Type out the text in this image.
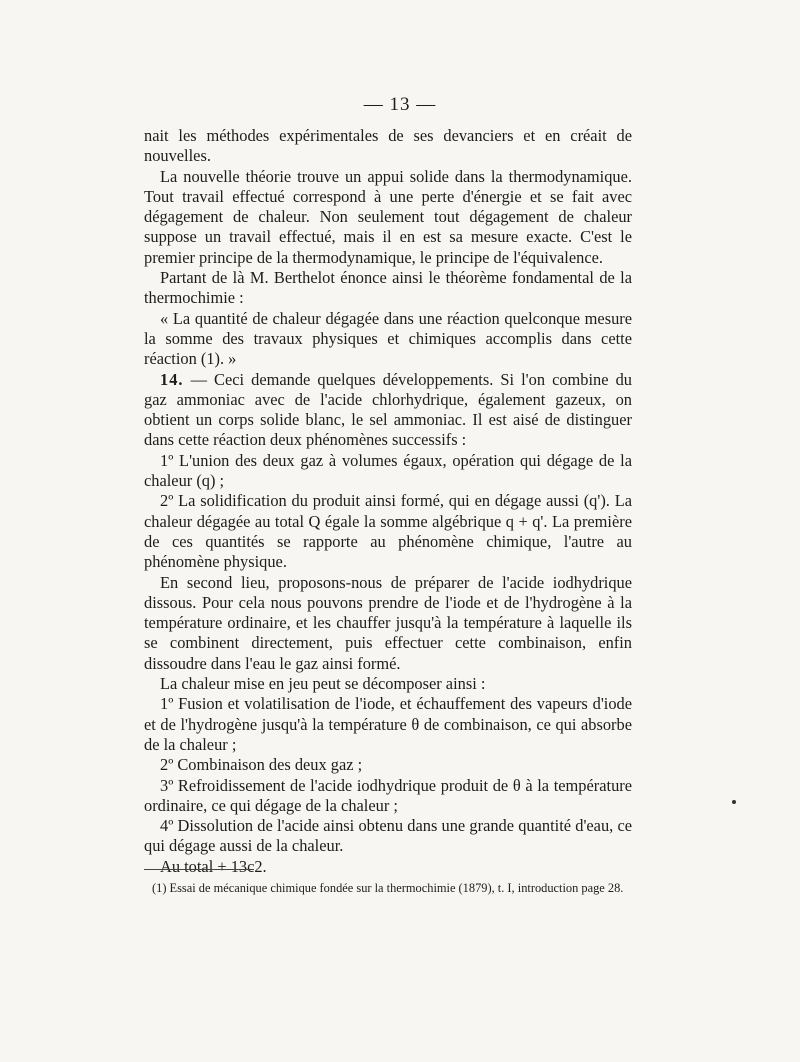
— 13 —

nait les méthodes expérimentales de ses devanciers et en créait de nouvelles.

La nouvelle théorie trouve un appui solide dans la thermodynamique. Tout travail effectué correspond à une perte d'énergie et se fait avec dégagement de chaleur. Non seulement tout dégagement de chaleur suppose un travail effectué, mais il en est sa mesure exacte. C'est le premier principe de la thermodynamique, le principe de l'équivalence.

Partant de là M. Berthelot énonce ainsi le théorème fondamental de la thermochimie :

« La quantité de chaleur dégagée dans une réaction quelconque mesure la somme des travaux physiques et chimiques accomplis dans cette réaction (1). »

14. — Ceci demande quelques développements. Si l'on combine du gaz ammoniac avec de l'acide chlorhydrique, également gazeux, on obtient un corps solide blanc, le sel ammoniac. Il est aisé de distinguer dans cette réaction deux phénomènes successifs :

1º L'union des deux gaz à volumes égaux, opération qui dégage de la chaleur (q) ;

2º La solidification du produit ainsi formé, qui en dégage aussi (q'). La chaleur dégagée au total Q égale la somme algébrique q + q'. La première de ces quantités se rapporte au phénomène chimique, l'autre au phénomène physique.

En second lieu, proposons-nous de préparer de l'acide iodhydrique dissous. Pour cela nous pouvons prendre de l'iode et de l'hydrogène à la température ordinaire, et les chauffer jusqu'à la température à laquelle ils se combinent directement, puis effectuer cette combinaison, enfin dissoudre dans l'eau le gaz ainsi formé.

La chaleur mise en jeu peut se décomposer ainsi :

1º Fusion et volatilisation de l'iode, et échauffement des vapeurs d'iode et de l'hydrogène jusqu'à la température θ de combinaison, ce qui absorbe de la chaleur ;

2º Combinaison des deux gaz ;

3º Refroidissement de l'acide iodhydrique produit de θ à la température ordinaire, ce qui dégage de la chaleur ;

4º Dissolution de l'acide ainsi obtenu dans une grande quantité d'eau, ce qui dégage aussi de la chaleur.

Au total + 13c2.

(1) Essai de mécanique chimique fondée sur la thermochimie (1879), t. I, introduction page 28.
